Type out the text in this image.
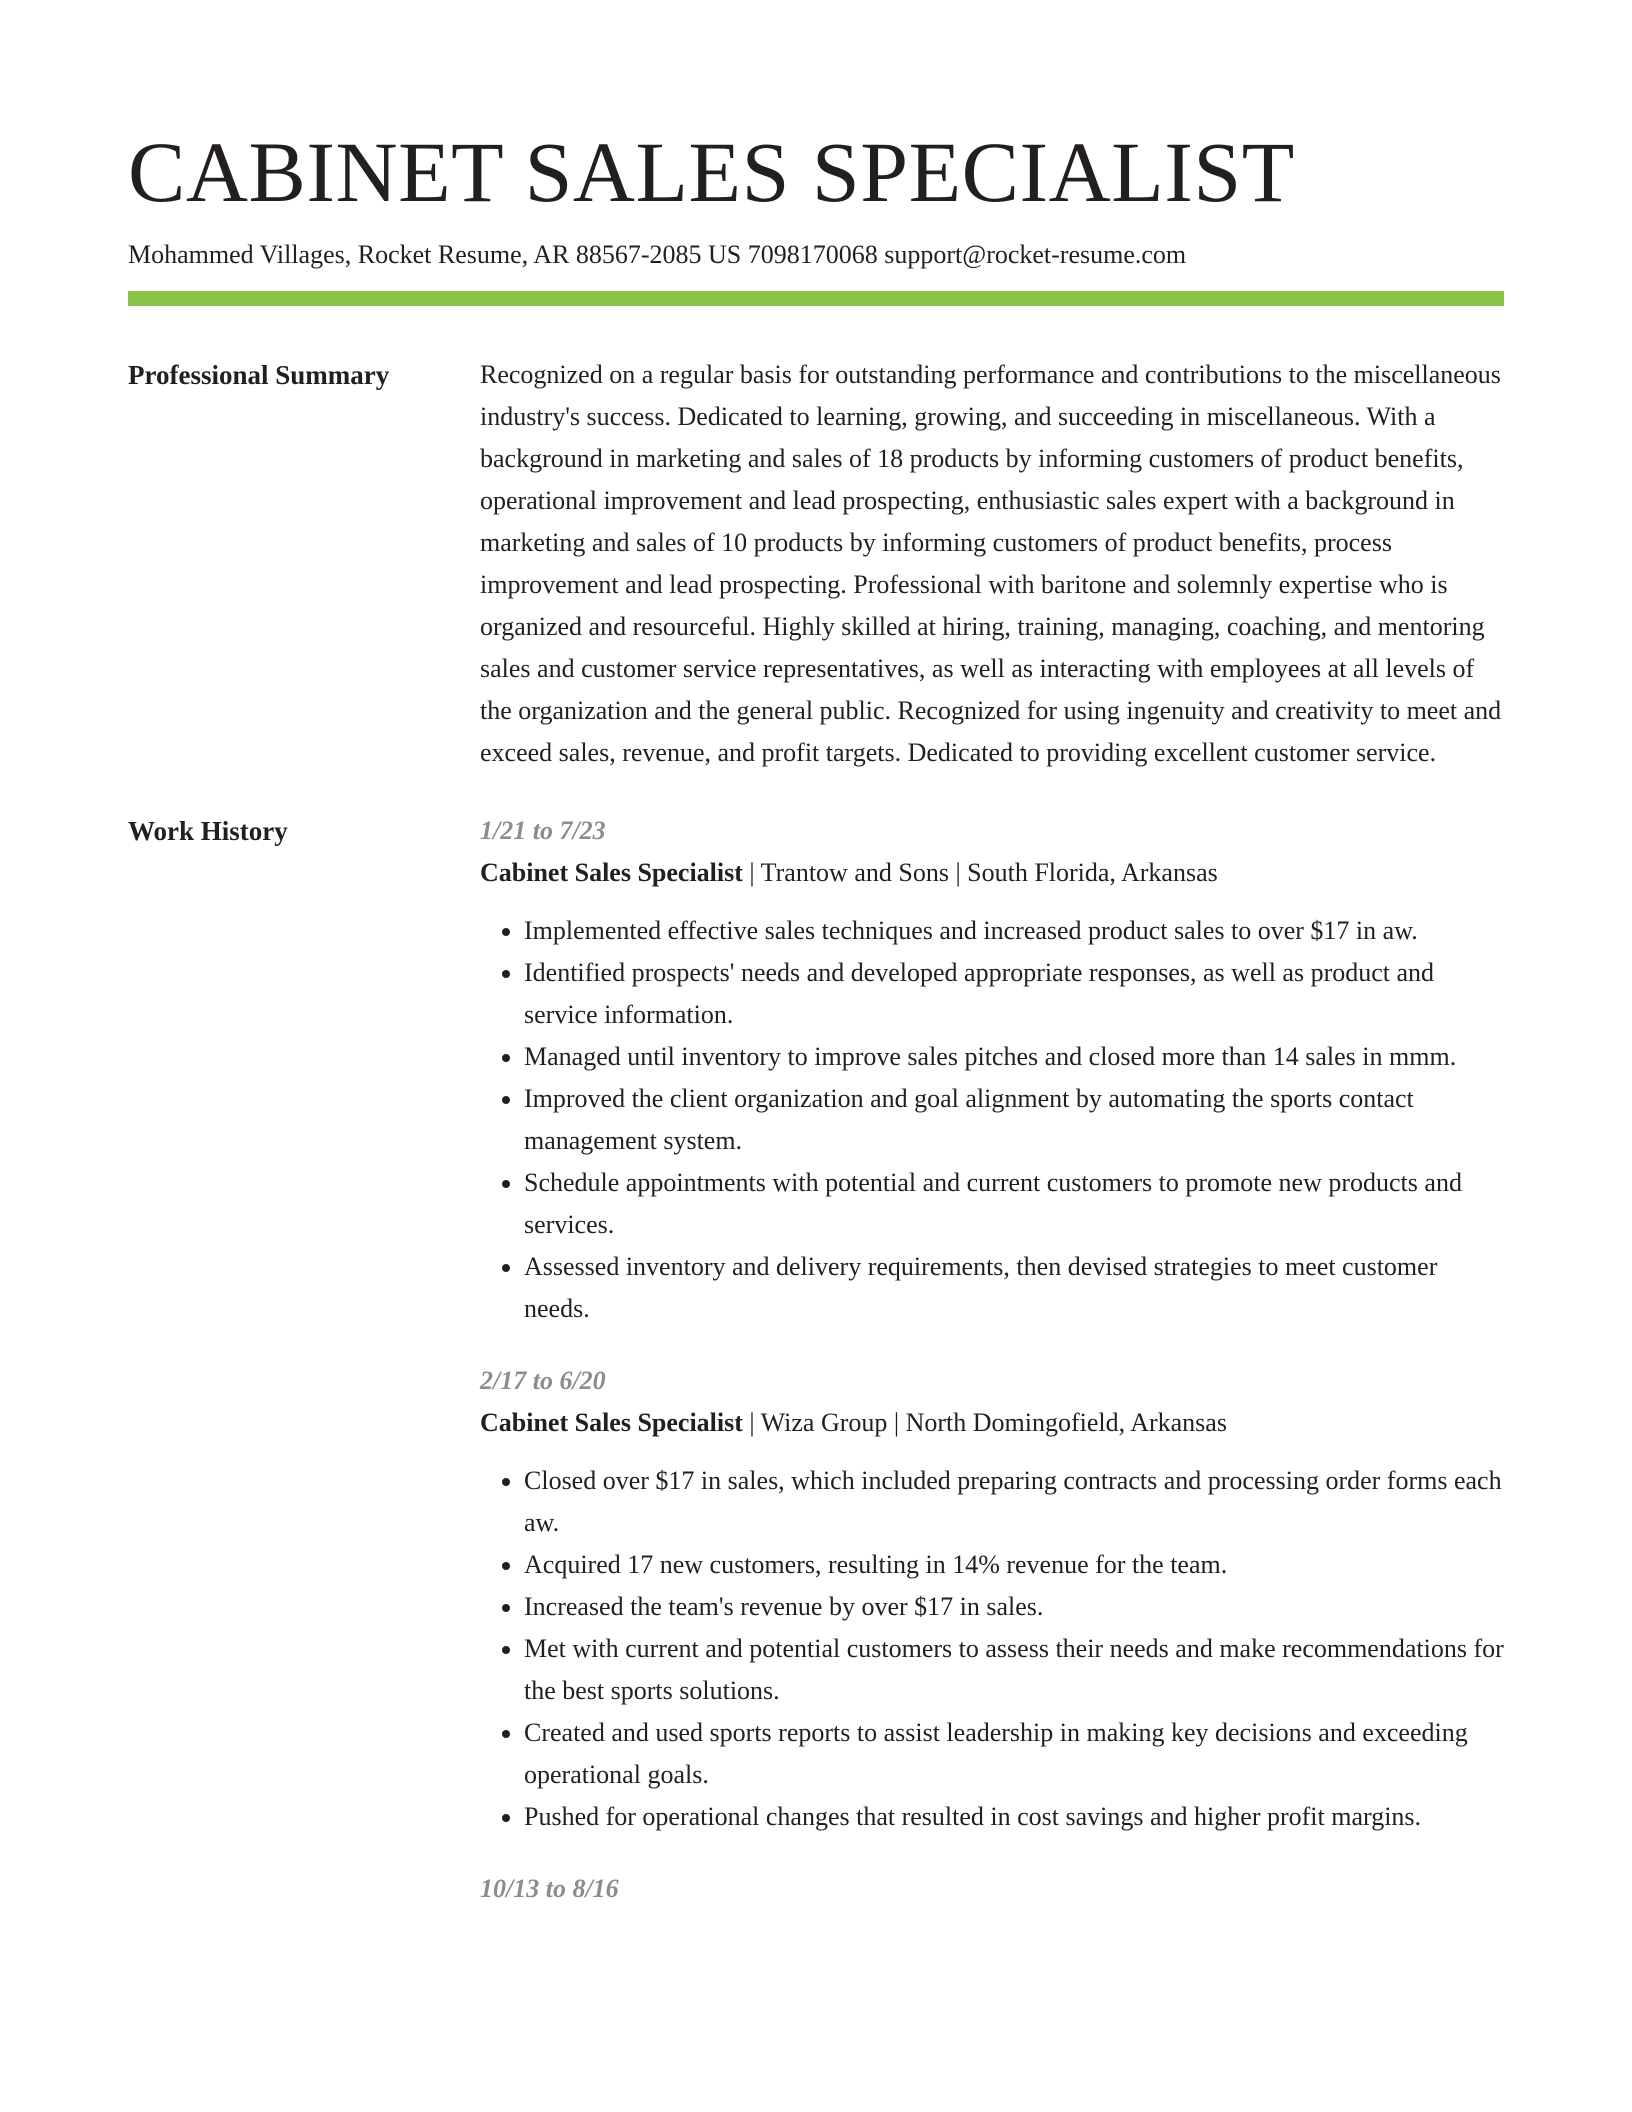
CABINET SALES SPECIALIST
Mohammed Villages, Rocket Resume, AR 88567-2085 US 7098170068 support@rocket-resume.com
Professional Summary	Recognized on a regular basis for outstanding performance and contributions to the miscellaneous industry's success. Dedicated to learning, growing, and succeeding in miscellaneous. With a background in marketing and sales of 18 products by informing customers of product benefits, operational improvement and lead prospecting, enthusiastic sales expert with a background in marketing and sales of 10 products by informing customers of product benefits, process improvement and lead prospecting. Professional with baritone and solemnly expertise who is organized and resourceful. Highly skilled at hiring, training, managing, coaching, and mentoring sales and customer service representatives, as well as interacting with employees at all levels of the organization and the general public. Recognized for using ingenuity and creativity to meet and exceed sales, revenue, and profit targets. Dedicated to providing excellent customer service.

Work History	1/21 to 7/23
Cabinet Sales Specialist | Trantow and Sons | South Florida, Arkansas
• Implemented effective sales techniques and increased product sales to over $17 in aw.
• Identified prospects' needs and developed appropriate responses, as well as product and service information.
• Managed until inventory to improve sales pitches and closed more than 14 sales in mmm.
• Improved the client organization and goal alignment by automating the sports contact management system.
• Schedule appointments with potential and current customers to promote new products and services.
• Assessed inventory and delivery requirements, then devised strategies to meet customer needs.
2/17 to 6/20
Cabinet Sales Specialist | Wiza Group | North Domingofield, Arkansas
• Closed over $17 in sales, which included preparing contracts and processing order forms each aw.
• Acquired 17 new customers, resulting in 14% revenue for the team.
• Increased the team's revenue by over $17 in sales.
• Met with current and potential customers to assess their needs and make recommendations for the best sports solutions.
• Created and used sports reports to assist leadership in making key decisions and exceeding operational goals.
• Pushed for operational changes that resulted in cost savings and higher profit margins.
10/13 to 8/16
